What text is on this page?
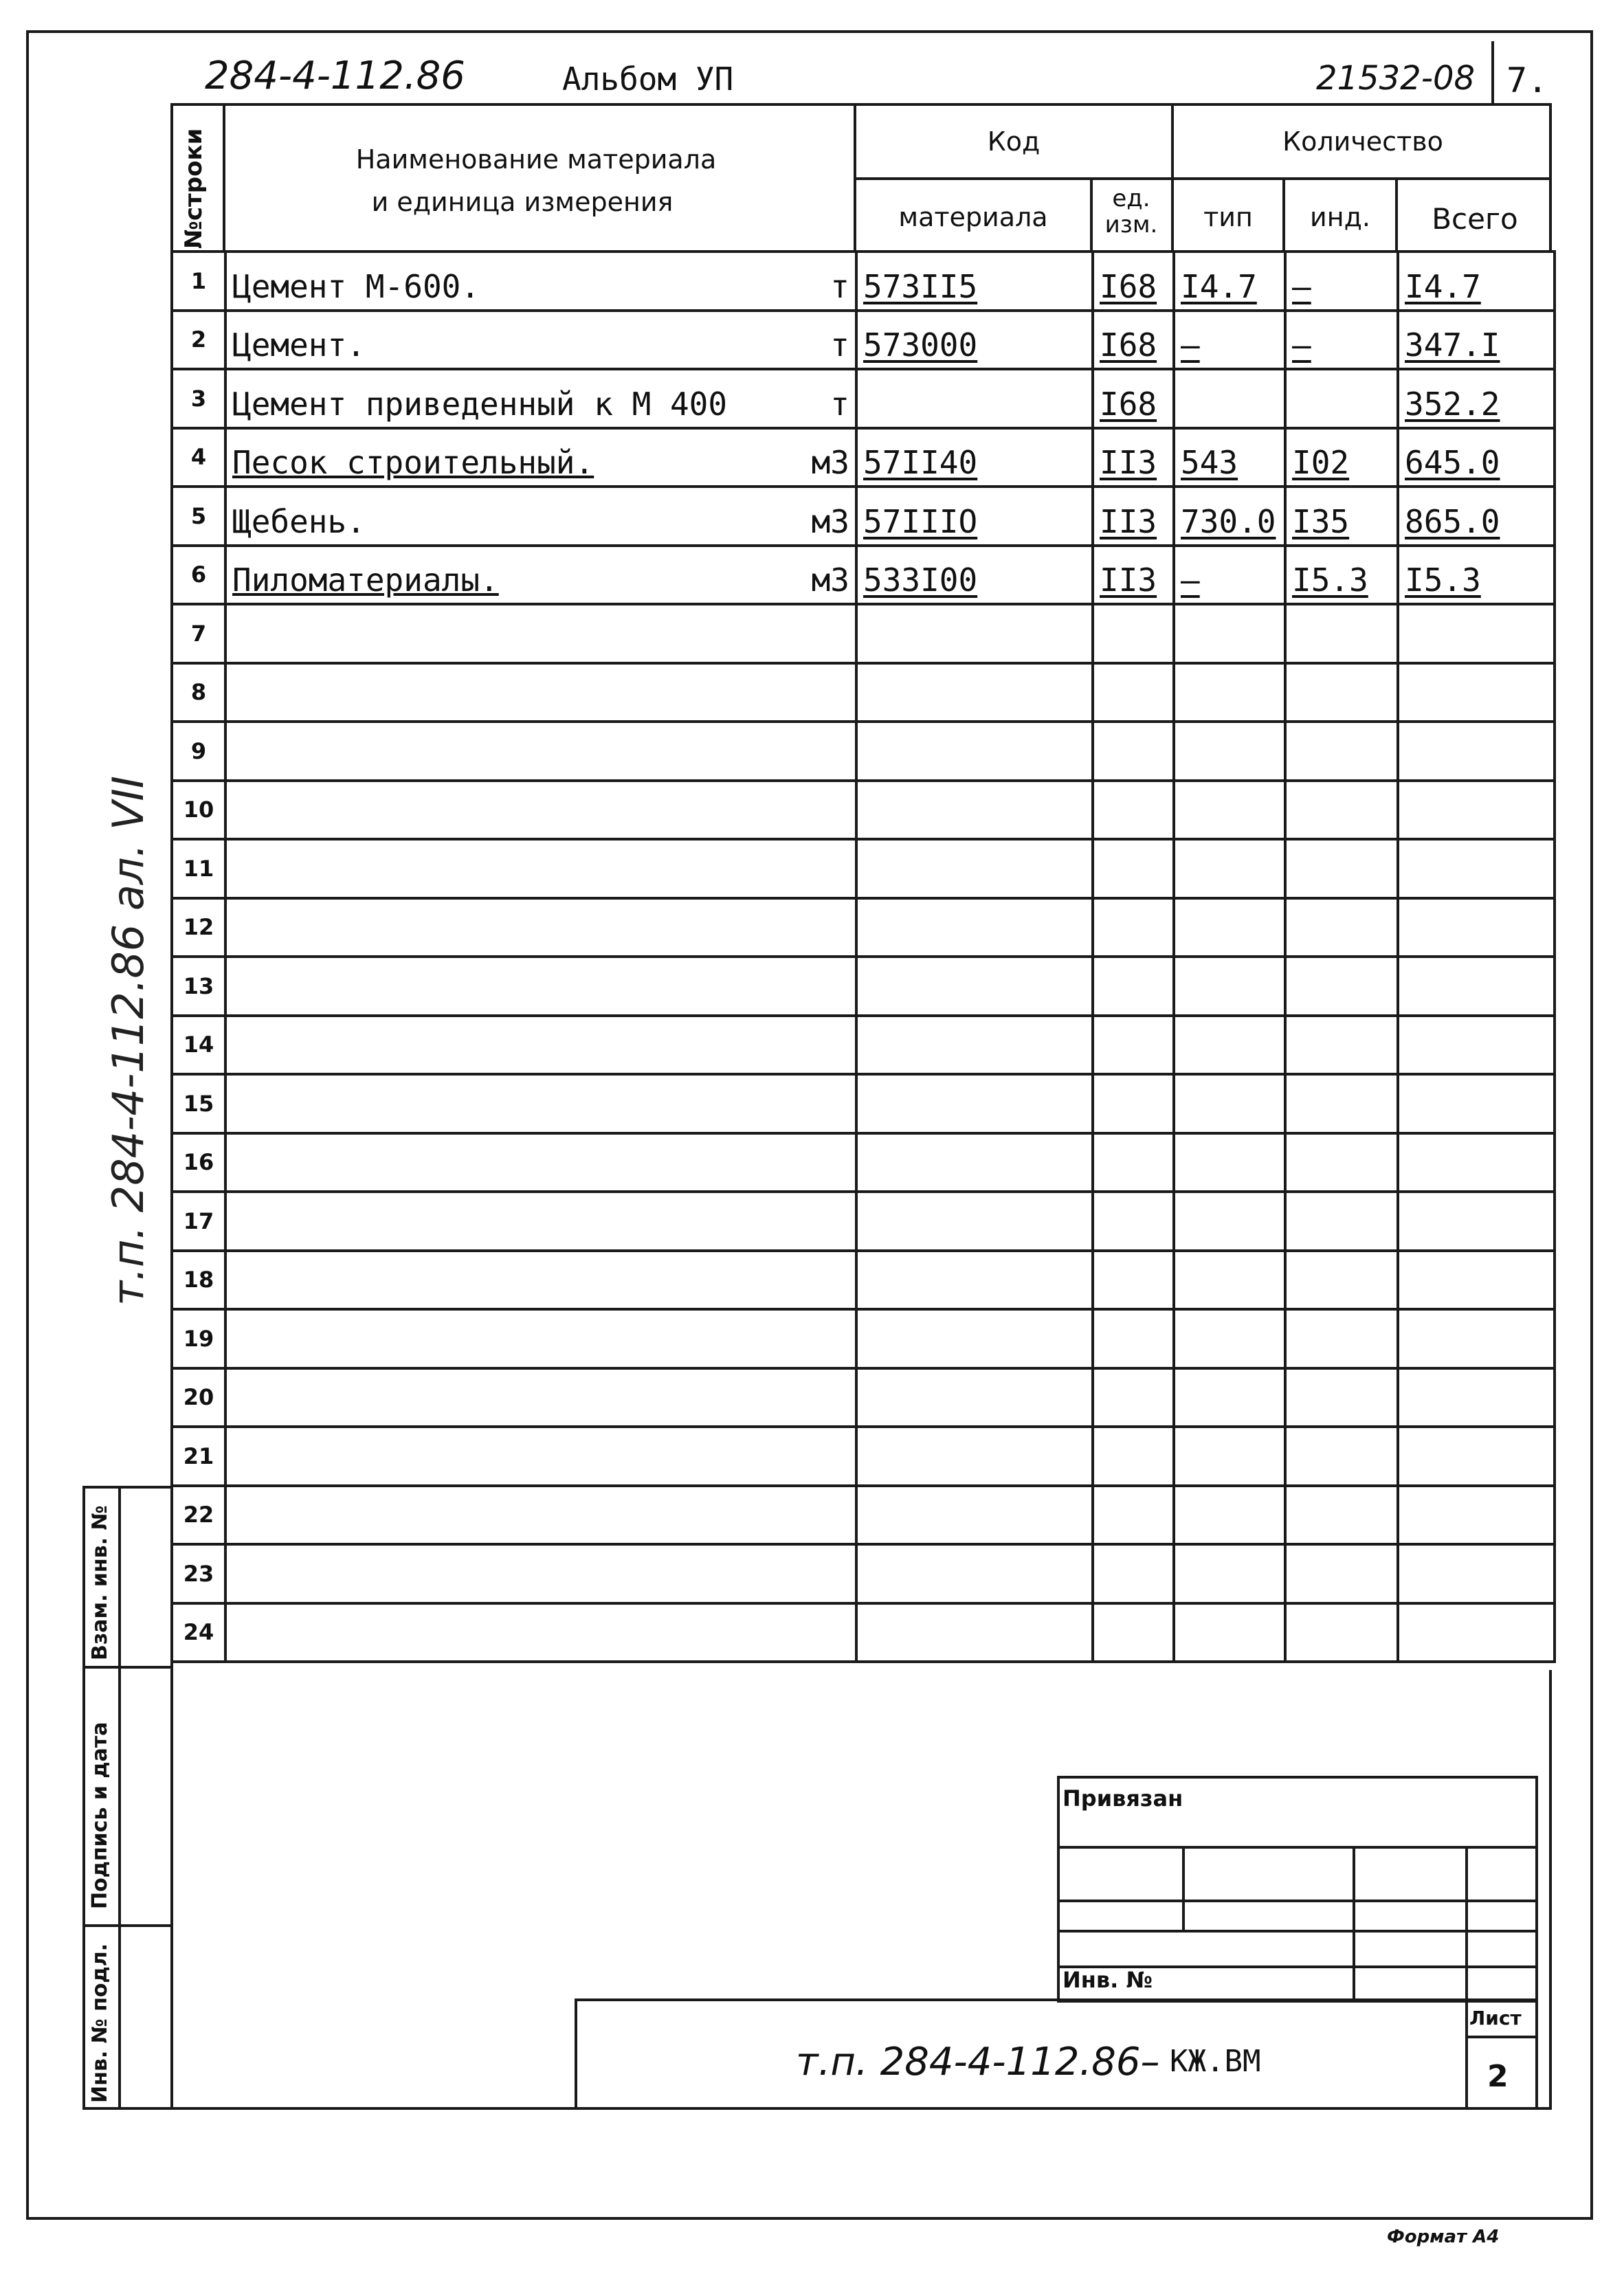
284-4-112.86	Альбом УП	21532-08 7.
№строки	Наименование материала
и единица измерения
Код	Количество
материала
ед. изм.	тип	инд.	Всего
1	Цемент М-600. т	573II5	I68	I4.7	–	I4.7
2	Цемент. т	573000	I68	–	–	347.I
3	Цемент приведенный к М 400 т		I68			352.2
4	Песок строительный. м3	57II40	II3	543	I02	645.0
5	Щебень. м3	57IIIO	II3	730.0	I35	865.0
6	Пиломатериалы. м3	533I00	II3	–	I5.3	I5.3
7	

8	

9	

10	

11	

12	

13	

14	

15	

16	

17	

18	

19	

20	

21	

22	

23	

24	

т.п. 284-4-112.86 ал. VII
Взам. инв. №
Подпись и дата
Инв. № подл.
Привязан
Инв. №
т.п. 284-4-112.86– КЖ.ВМ
Лист
2
Формат А4
